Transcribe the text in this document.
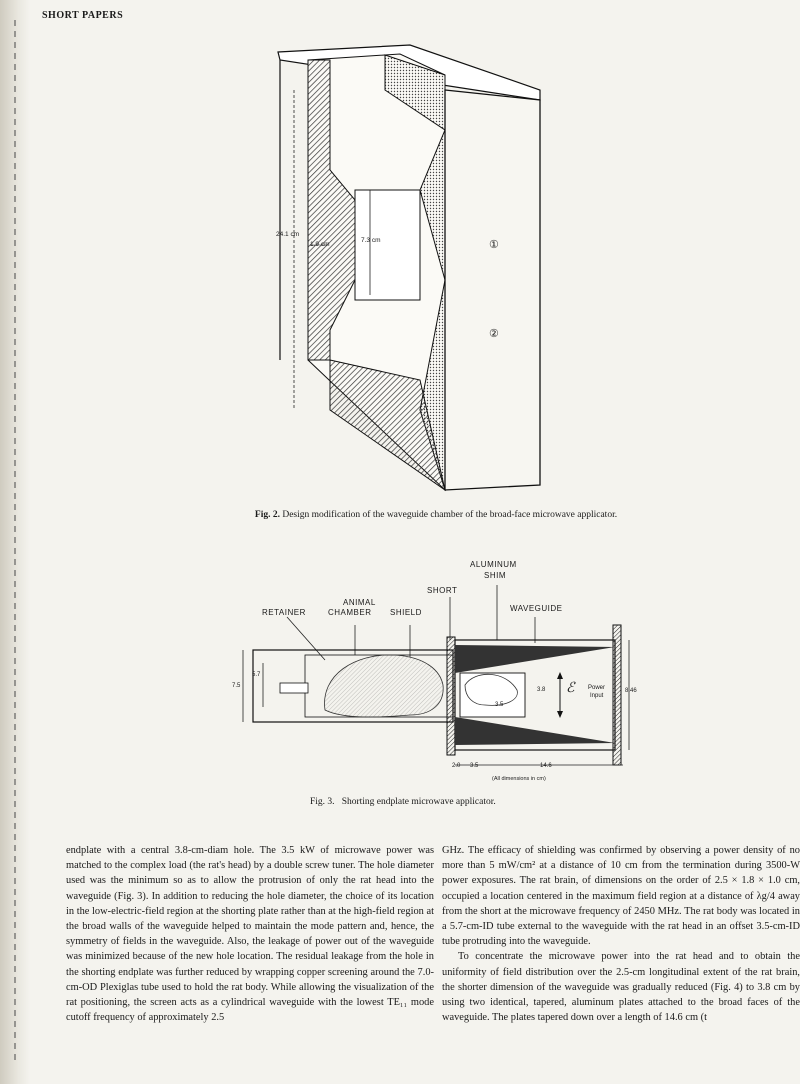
SHORT PAPERS
24.1 cm
1.9 cm
7.3 cm	①
②
Fig. 2. Design modification of the waveguide chamber of the broad-face microwave applicator.
RETAINER
ANIMAL
CHAMBER SHIELD
SHORT
ALUMINUM
SHIM
WAVEGUIDE
ℰ Power
Input
7.5
5.7
3.8
3.5
8.46
2.0 3.5	14.6
(All dimensions in cm)
Fig. 3. Shorting endplate microwave applicator.

endplate with a central 3.8-cm-diam hole. The 3.5 kW of microwave power was matched to the complex load (the rat's head) by a double screw tuner. The hole diameter used was the minimum so as to allow the protrusion of only the rat head into the waveguide (Fig. 3). In addition to reducing the hole diameter, the choice of its location in the low-electric-field region at the shorting plate rather than at the high-field region at the broad walls of the waveguide helped to maintain the mode pattern and, hence, the symmetry of fields in the waveguide. Also, the leakage of power out of the waveguide was minimized because of the new hole location. The residual leakage from the hole in the shorting endplate was further reduced by wrapping copper screening around the 7.0-cm-OD Plexiglas tube used to hold the rat body. While allowing the visualization of the rat positioning, the screen acts as a cylindrical waveguide with the lowest TE₁₁ mode cutoff frequency of approximately 2.5

GHz. The efficacy of shielding was confirmed by observing a power density of no more than 5 mW/cm² at a distance of 10 cm from the termination during 3500-W power exposures. The rat brain, of dimensions on the order of 2.5 × 1.8 × 1.0 cm, occupied a location centered in the maximum field region at a distance of λg/4 away from the short at the microwave frequency of 2450 MHz. The rat body was located in a 5.7-cm-ID tube external to the waveguide with the rat head in an offset 3.5-cm-ID tube protruding into the waveguide.

To concentrate the microwave power into the rat head and to obtain the uniformity of field distribution over the 2.5-cm longitudinal extent of the rat brain, the shorter dimension of the waveguide was gradually reduced (Fig. 4) to 3.8 cm by using two identical, tapered, aluminum plates attached to the broad faces of the waveguide. The plates tapered down over a length of 14.6 cm (t
